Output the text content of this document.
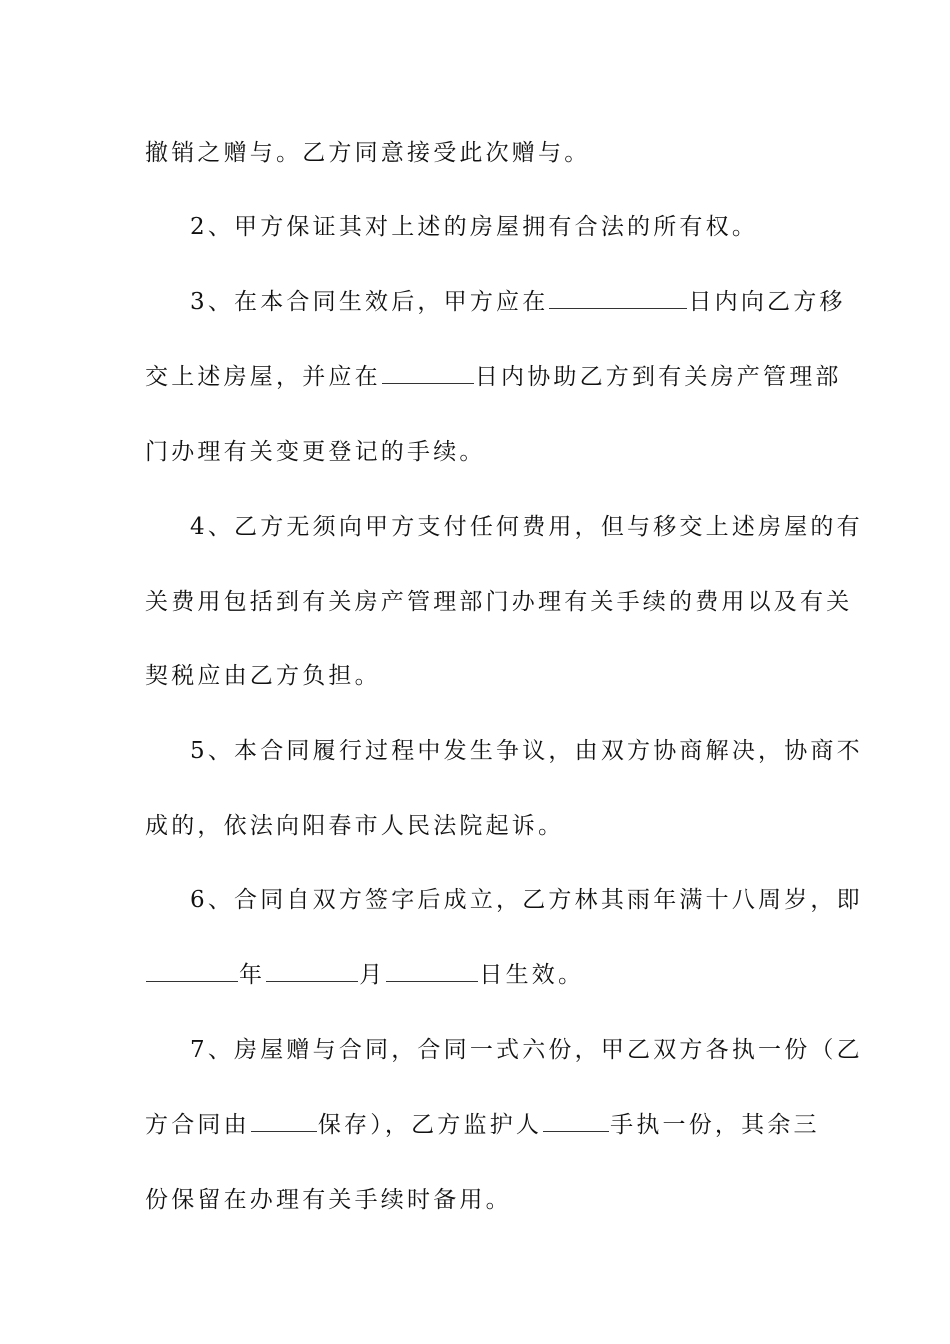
撤销之赠与。乙方同意接受此次赠与。
2、甲方保证其对上述的房屋拥有合法的所有权。
3、在本合同生效后，甲方应在	日内向乙方移
交上述房屋，并应在	日内协助乙方到有关房产管理部
门办理有关变更登记的手续。
4、乙方无须向甲方支付任何费用，但与移交上述房屋的有
关费用包括到有关房产管理部门办理有关手续的费用以及有关
契税应由乙方负担。
5、本合同履行过程中发生争议，由双方协商解决，协商不
成的，依法向阳春市人民法院起诉。
6、合同自双方签字后成立，乙方林其雨年满十八周岁，即
年	月	日生效。
7、房屋赠与合同，合同一式六份，甲乙双方各执一份（乙
方合同由	保存），乙方监护人	手执一份，其余三
份保留在办理有关手续时备用。
